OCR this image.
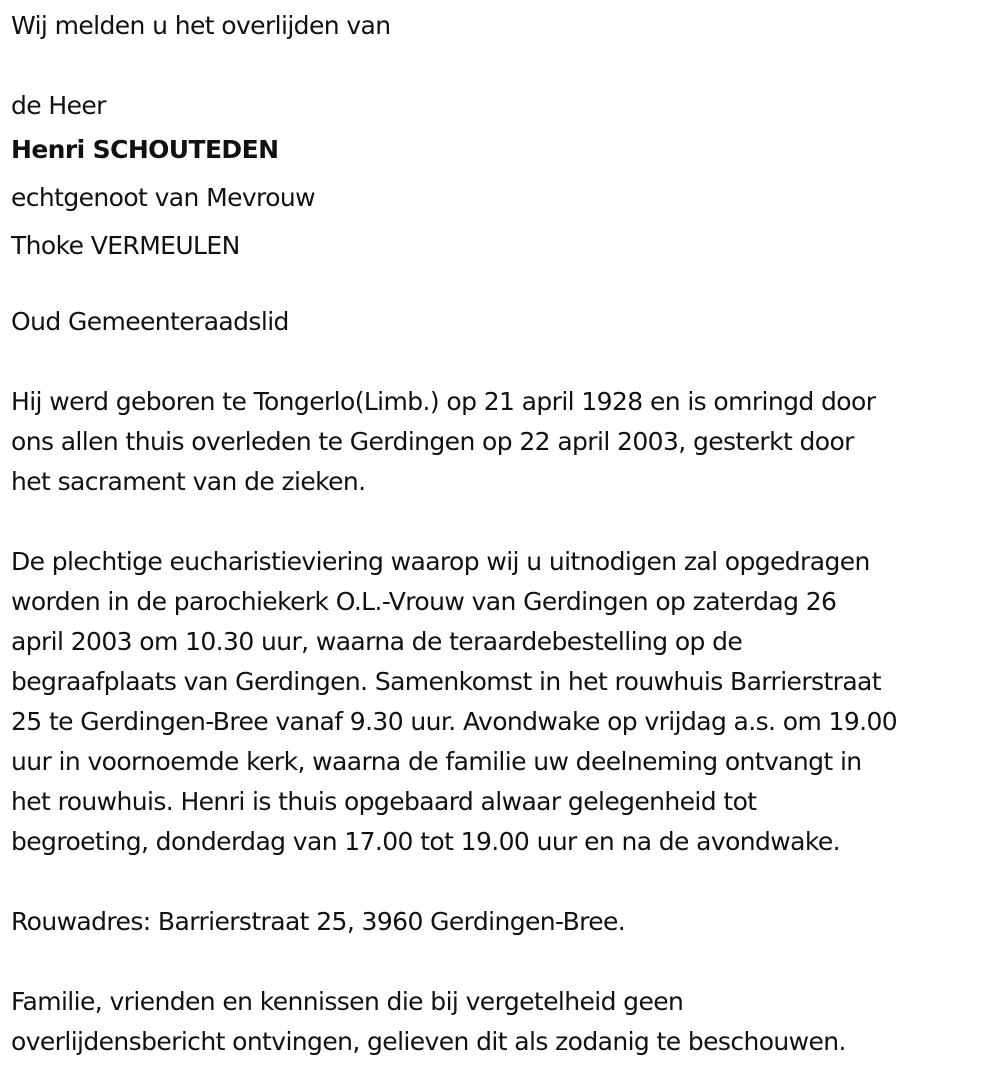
Wij melden u het overlijden van
de Heer
Henri SCHOUTEDEN
echtgenoot van Mevrouw
Thoke VERMEULEN
Oud Gemeenteraadslid
Hij werd geboren te Tongerlo(Limb.) op 21 april 1928 en is omringd door
ons allen thuis overleden te Gerdingen op 22 april 2003, gesterkt door
het sacrament van de zieken.
De plechtige eucharistieviering waarop wij u uitnodigen zal opgedragen
worden in de parochiekerk O.L.-Vrouw van Gerdingen op zaterdag 26
april 2003 om 10.30 uur, waarna de teraardebestelling op de
begraafplaats van Gerdingen. Samenkomst in het rouwhuis Barrierstraat
25 te Gerdingen-Bree vanaf 9.30 uur. Avondwake op vrijdag a.s. om 19.00
uur in voornoemde kerk, waarna de familie uw deelneming ontvangt in
het rouwhuis. Henri is thuis opgebaard alwaar gelegenheid tot
begroeting, donderdag van 17.00 tot 19.00 uur en na de avondwake.
Rouwadres: Barrierstraat 25, 3960 Gerdingen-Bree.
Familie, vrienden en kennissen die bij vergetelheid geen
overlijdensbericht ontvingen, gelieven dit als zodanig te beschouwen.
